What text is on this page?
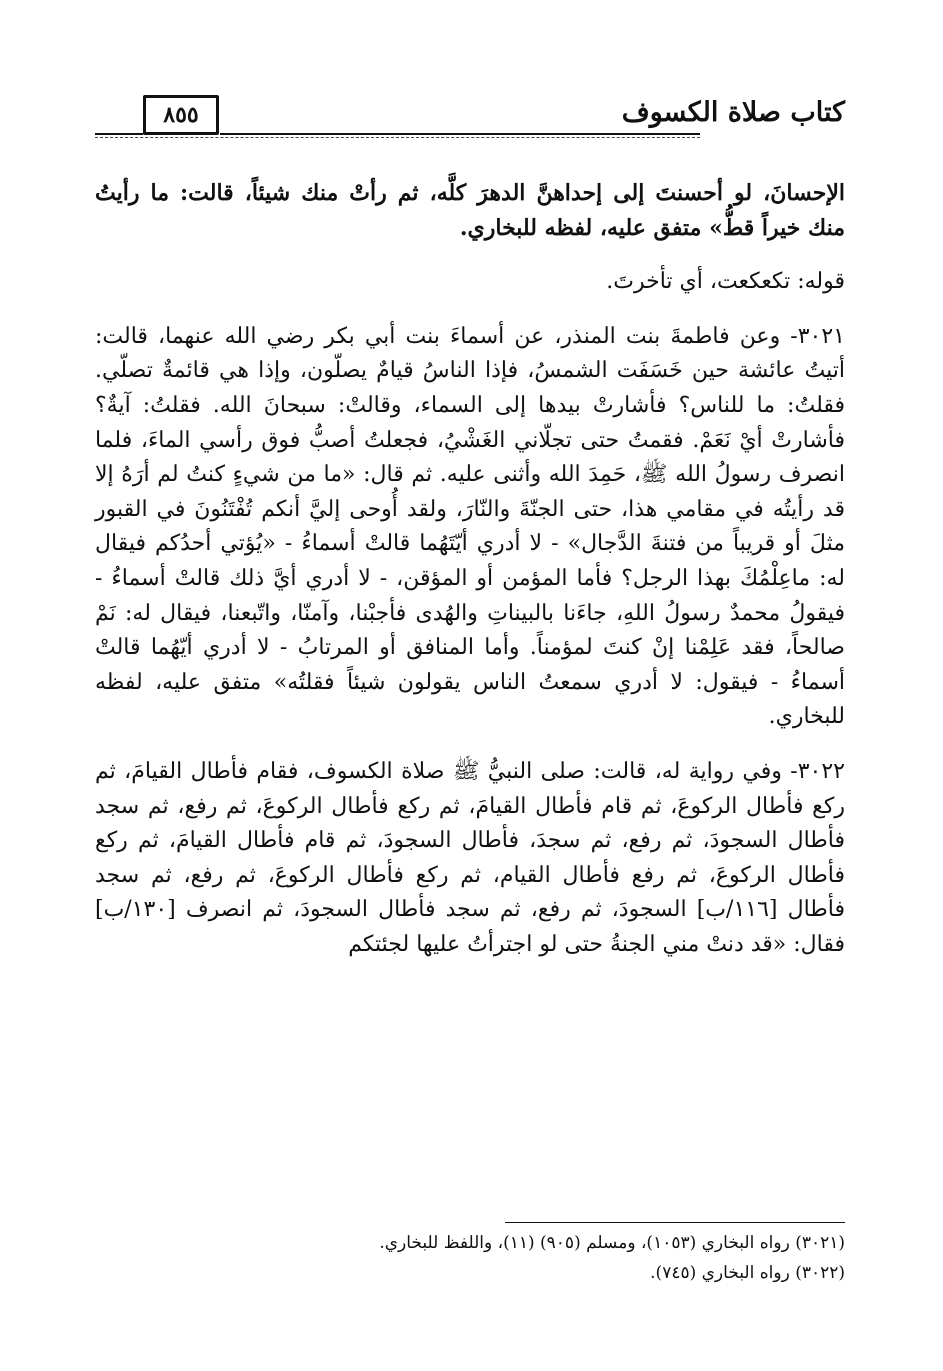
٨٥٥	كتاب صلاة الكسوف

الإحسانَ، لو أحسنتَ إلى إحداهنَّ الدهرَ كلَّه، ثم رأتْ منك شيئاً، قالت: ما رأيتُ منك خيراً قطُّ» متفق عليه، لفظه للبخاري.

قوله: تكعكعت، أي تأخرتَ.

٣٠٢١- وعن فاطمةَ بنت المنذر، عن أسماءَ بنت أبي بكر رضي الله عنهما، قالت: أتيتُ عائشة حين خَسَفَت الشمسُ، فإذا الناسُ قيامٌ يصلّون، وإذا هي قائمةٌ تصلّي. فقلتُ: ما للناس؟ فأشارتْ بيدها إلى السماء، وقالتْ: سبحانَ الله. فقلتُ: آيةٌ؟ فأشارتْ أيْ نَعَمْ. فقمتُ حتى تجلّاني الغَشْيُ، فجعلتُ أصبُّ فوق رأسي الماءَ، فلما انصرف رسولُ الله ﷺ، حَمِدَ الله وأثنى عليه. ثم قال: «ما من شيءٍ كنتُ لم أرَهُ إلا قد رأيتُه في مقامي هذا، حتى الجنّةَ والنّارَ، ولقد أُوحى إليَّ أنكم تُفْتَنُونَ في القبور مثلَ أو قريباً من فتنةَ الدَّجال» - لا أدري أيّتَهُما قالتْ أسماءُ - «يُؤتي أحدُكم فيقال له: ماعِلْمُكَ بهذا الرجل؟ فأما المؤمن أو المؤقن، - لا أدري أيَّ ذلك قالتْ أسماءُ - فيقولُ محمدٌ رسولُ اللهِ، جاءَنا بالبيناتِ والهُدى فأجبْنا، وآمنّا، واتّبعنا، فيقال له: نَمْ صالحاً، فقد عَلِمْنا إنْ كنتَ لمؤمناً. وأما المنافق أو المرتابُ - لا أدري أيّهُما قالتْ أسماءُ - فيقول: لا أدري سمعتُ الناس يقولون شيئاً فقلتُه» متفق عليه، لفظه للبخاري.

٣٠٢٢- وفي رواية له، قالت: صلى النبيُّ ﷺ صلاة الكسوف، فقام فأطال القيامَ، ثم ركع فأطال الركوعَ، ثم قام فأطال القيامَ، ثم ركع فأطال الركوعَ، ثم رفع، ثم سجد فأطال السجودَ، ثم رفع، ثم سجدَ، فأطال السجودَ، ثم قام فأطال القيامَ، ثم ركع فأطال الركوعَ، ثم رفع فأطال القيام، ثم ركع فأطال الركوعَ، ثم رفع، ثم سجد فأطال [١١٦/ب] السجودَ، ثم رفع، ثم سجد فأطال السجودَ، ثم انصرف [١٣٠/ب] فقال: «قد دنتْ مني الجنةُ حتى لو اجترأتُ عليها لجئتكم

(٣٠٢١) رواه البخاري (١٠٥٣)، ومسلم (٩٠٥) (١١)، واللفظ للبخاري.

(٣٠٢٢) رواه البخاري (٧٤٥).
